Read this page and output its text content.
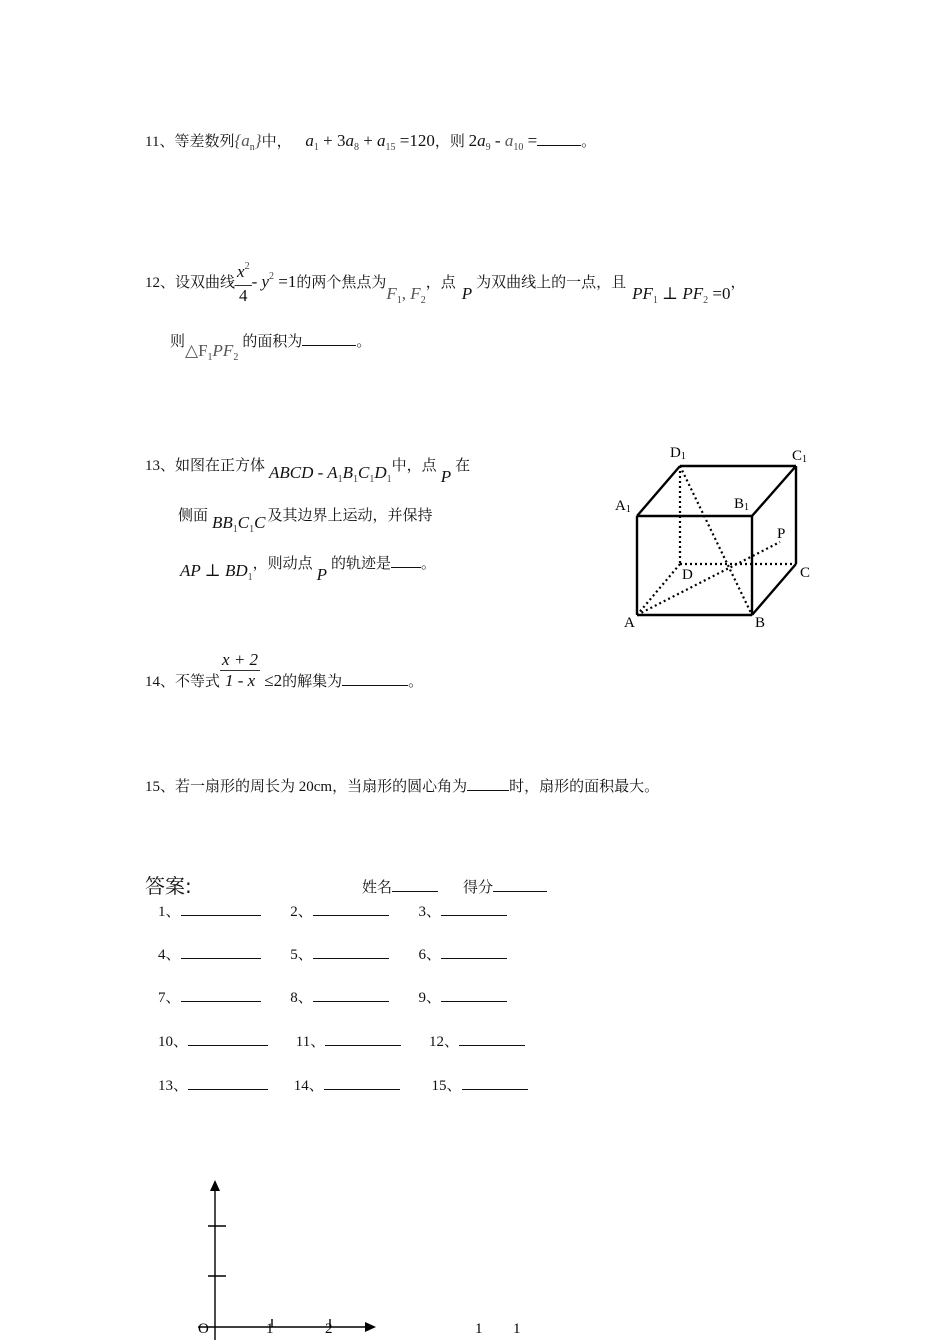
11、等差数列$\{a_n\}$中， $a_1 + 3a_8 + a_{15} =120$，则 $2a_9 - a_{10}$ =	。
12、设双曲线 $\frac{x^2}{4} - y^2 =1$的两个焦点为$F_1$, $F_2$，点P为双曲线上的一点，且$PF_1$ ⊥ $PF_2 =0$，
则$\triangle F_1PF_2$的面积为	。
13、如图在正方体 ABCD - $A_1B_1C_1D_1$中，点P在
侧面 $BB_1C_1C$ 及其边界上运动，并保持
AP ⊥ $BD_1$，则动点P的轨迹是 。
D1	C1
A1	B1
P
D	C
A	B
14、不等式 $\frac{x + 2}{1 - x} \le 2$的解集为	。
15、若一扇形的周长为 20cm，当扇形的圆心角为	时，扇形的面积最大。
答案:	姓名	得分
1、	2、	3、
4、	5、	6、
7、	8、	9、
10、	11、	12、
13、	14、	15、
O	1	2	1 1
